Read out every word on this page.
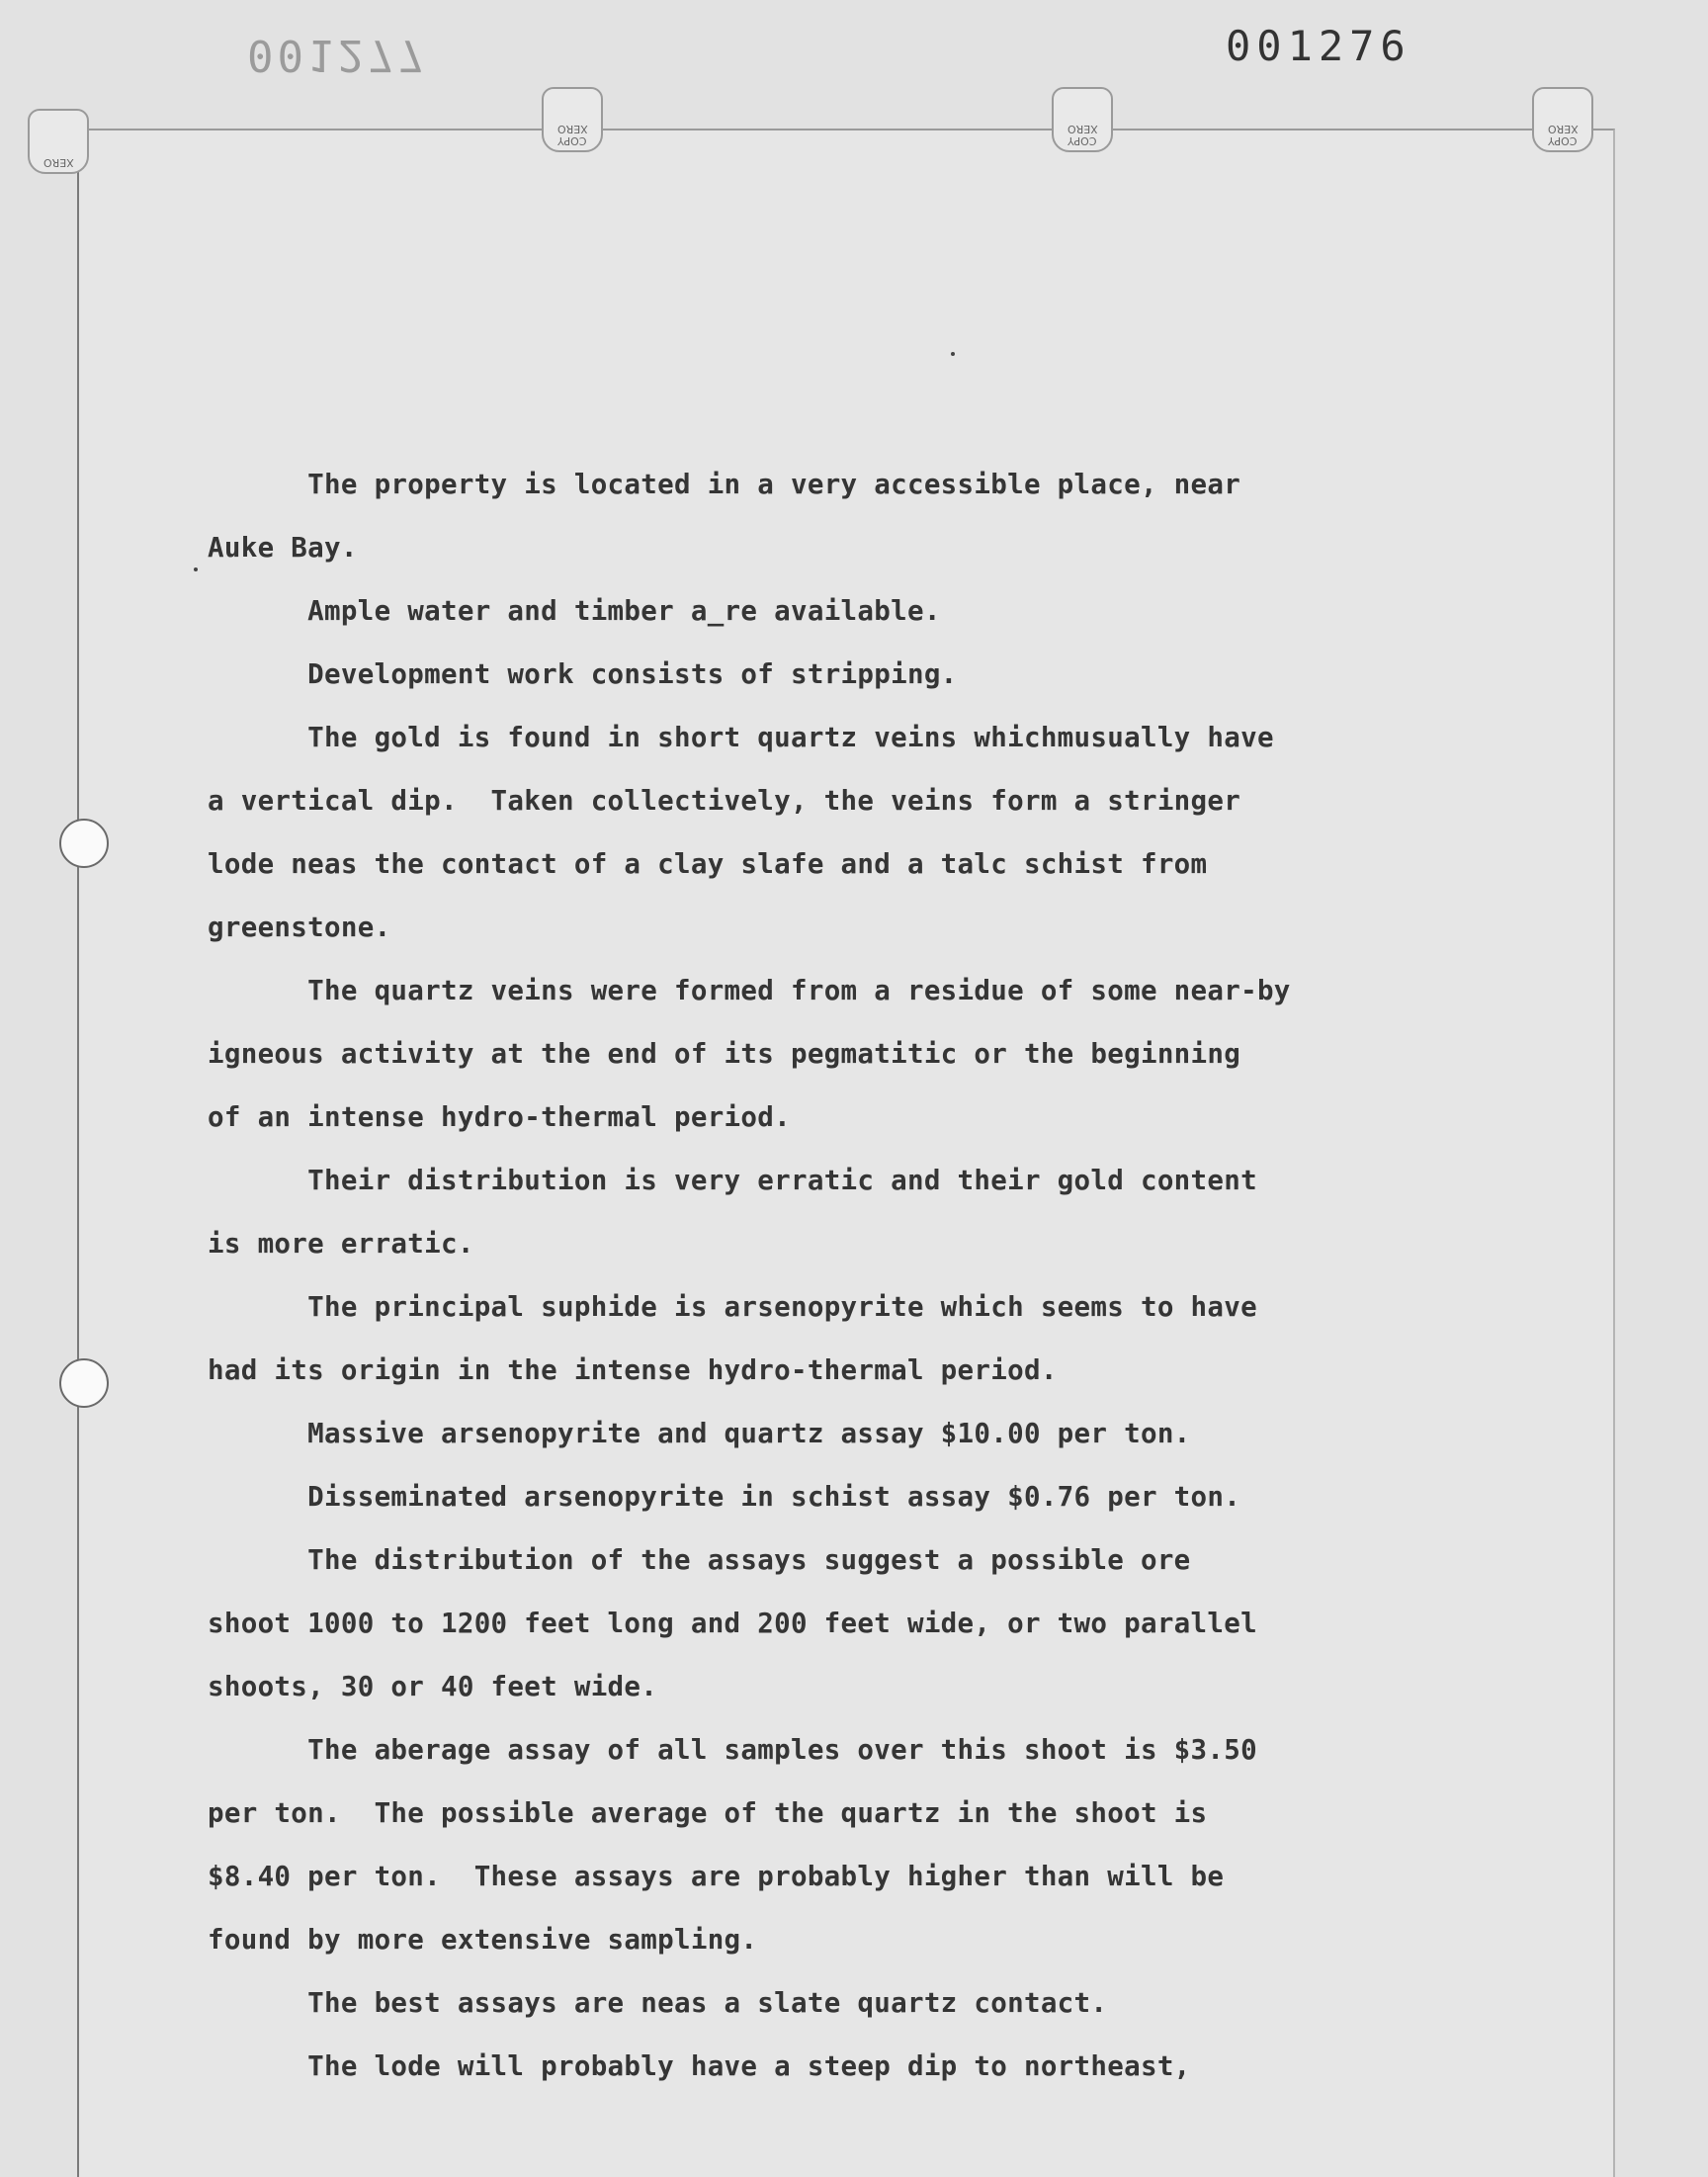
001277	001276
XERO
XERO
COPY
XERO
COPY
XERO
COPY

The property is located in a very accessible place, near
Auke Bay.

Ample water and timber a_re available.

Development work consists of stripping.

The gold is found in short quartz veins whichmusually have
a vertical dip.  Taken collectively, the veins form a stringer
lode neas the contact of a clay slafe and a talc schist from
greenstone.

The quartz veins were formed from a residue of some near-by
igneous activity at the end of its pegmatitic or the beginning
of an intense hydro-thermal period.

Their distribution is very erratic and their gold content
is more erratic.

The principal suphide is arsenopyrite which seems to have
had its origin in the intense hydro-thermal period.

Massive arsenopyrite and quartz assay $10.00 per ton.

Disseminated arsenopyrite in schist assay $0.76 per ton.

The distribution of the assays suggest a possible ore
shoot 1000 to 1200 feet long and 200 feet wide, or two parallel
shoots, 30 or 40 feet wide.

The aberage assay of all samples over this shoot is $3.50
per ton.  The possible average of the quartz in the shoot is
$8.40 per ton.  These assays are probably higher than will be
found by more extensive sampling.

The best assays are neas a slate quartz contact.

The lode will probably have a steep dip to northeast,
